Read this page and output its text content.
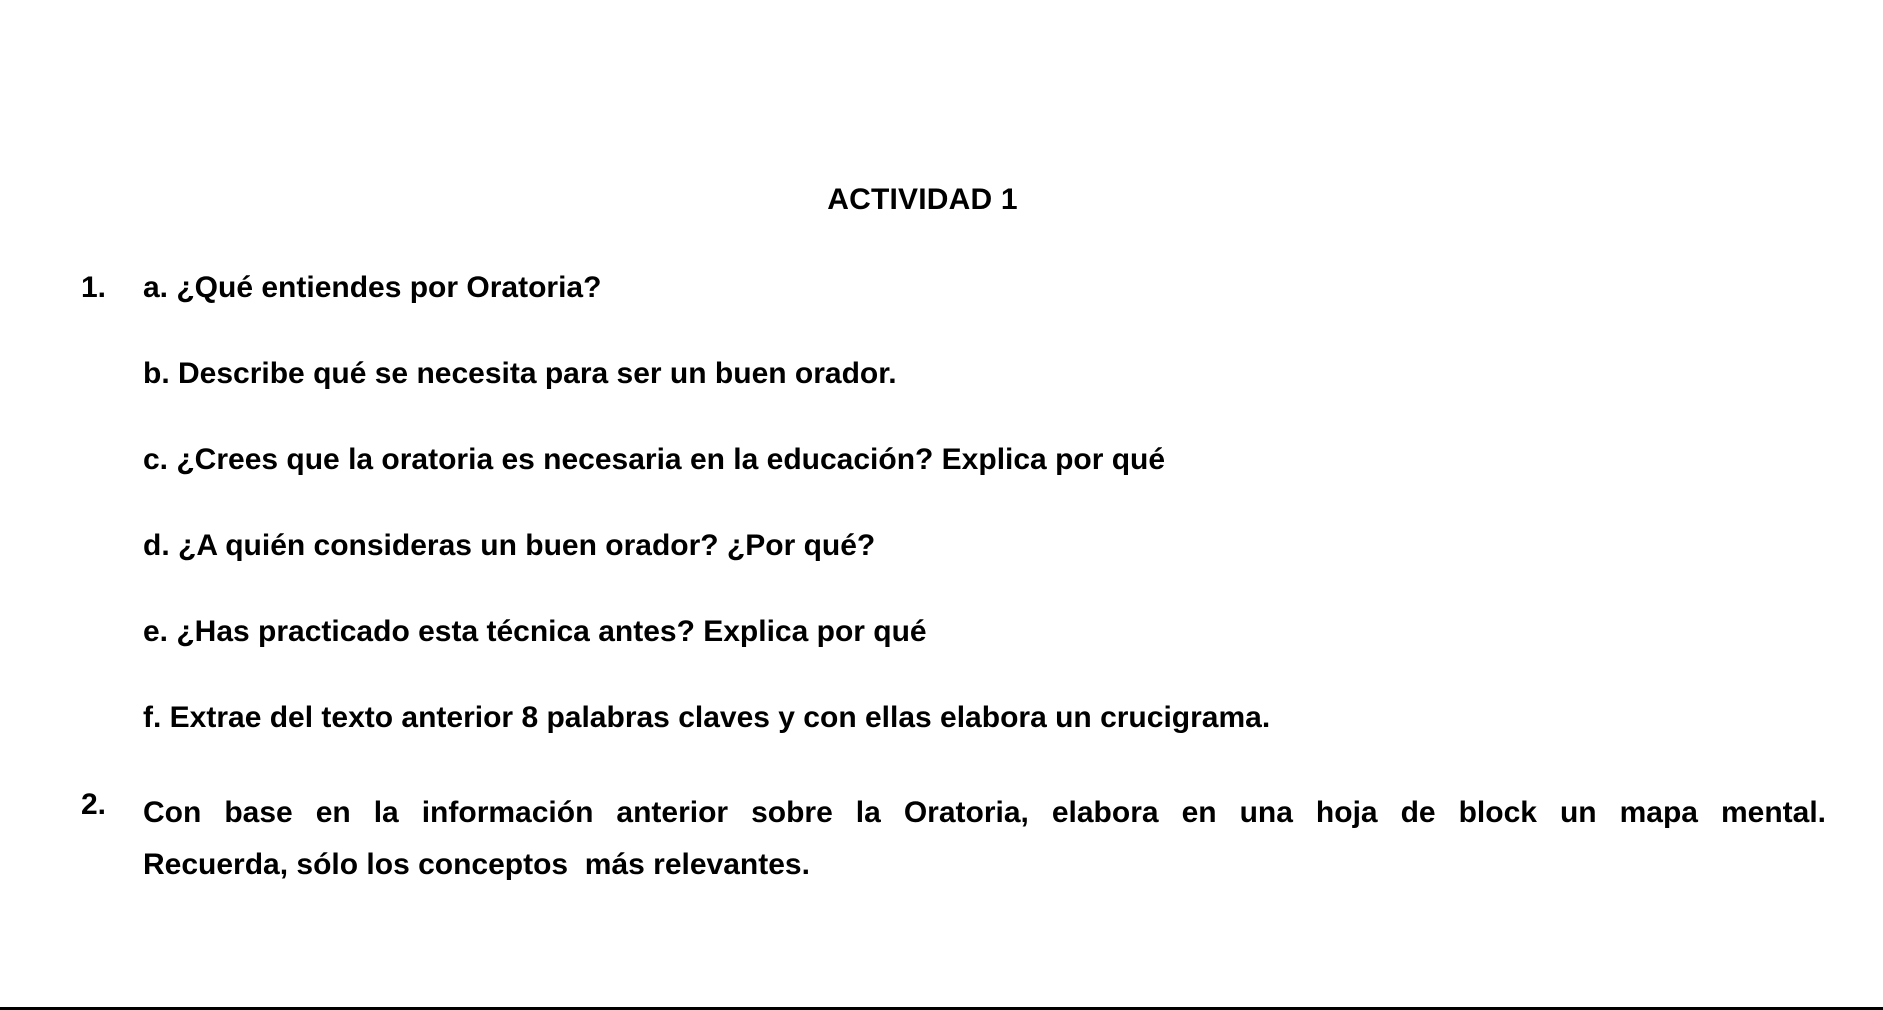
ACTIVIDAD 1
1. a. ¿Qué entiendes por Oratoria?
b. Describe qué se necesita para ser un buen orador.
c. ¿Crees que la oratoria es necesaria en la educación? Explica por qué
d. ¿A quién consideras un buen orador? ¿Por qué?
e. ¿Has practicado esta técnica antes? Explica por qué
f. Extrae del texto anterior 8 palabras claves y con ellas elabora un crucigrama.
2. Con base en la información anterior sobre la Oratoria, elabora en una hoja de block un mapa mental.
Recuerda, sólo los conceptos  más relevantes.
